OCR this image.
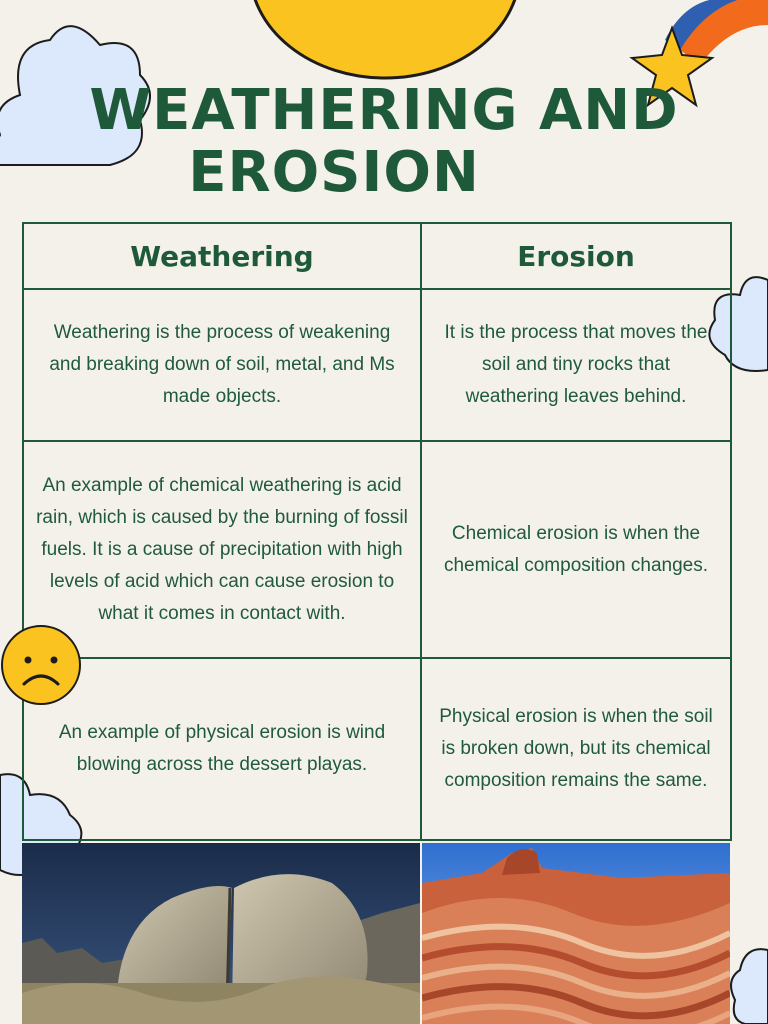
WEATHERING AND
EROSION
Weathering	Erosion
Weathering is the process of weakening and breaking down of soil, metal, and Ms made objects.	It is the process that moves the soil and tiny rocks that weathering leaves behind.
An example of chemical weathering is acid rain, which is caused by the burning of fossil fuels. It is a cause of precipitation with high levels of acid which can cause erosion to what it comes in contact with.	Chemical erosion is when the chemical composition changes.
An example of physical erosion is wind blowing across the dessert playas.	Physical erosion is when the soil is broken down, but its chemical composition remains the same.
